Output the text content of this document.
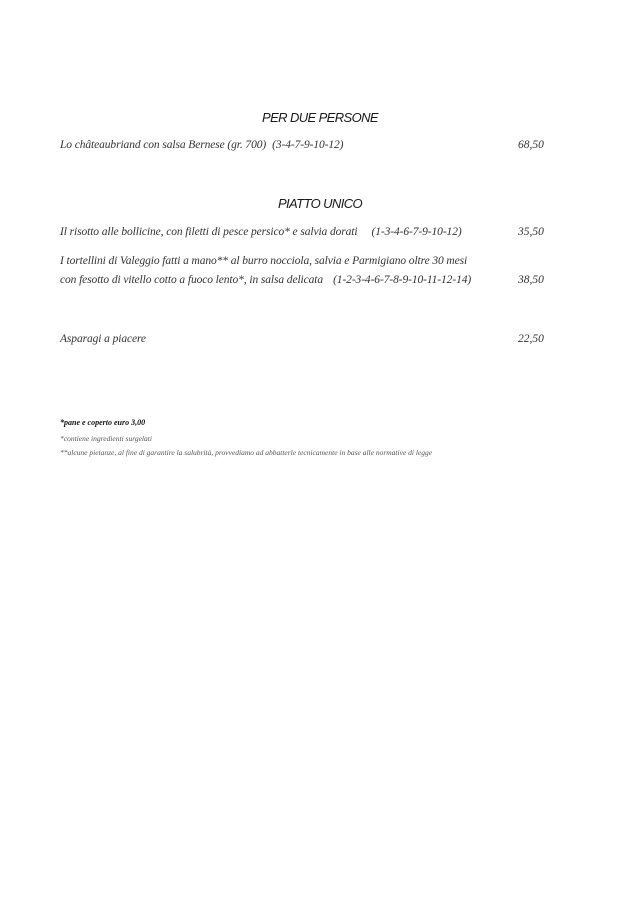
PER DUE PERSONE
Lo châteaubriand con salsa Bernese (gr. 700) (3-4-7-9-10-12)	68,50
PIATTO UNICO
Il risotto alle bollicine, con filetti di pesce persico* e salvia dorati (1-3-4-6-7-9-10-12)	35,50
I tortellini di Valeggio fatti a mano** al burro nocciola, salvia e Parmigiano oltre 30 mesi
con fesotto di vitello cotto a fuoco lento*, in salsa delicata (1-2-3-4-6-7-8-9-10-11-12-14)	38,50
Asparagi a piacere	22,50
*pane e coperto euro 3,00
*contiene ingredienti surgelati
**alcune pietanze, al fine di garantire la salubrità, provvediamo ad abbatterle tecnicamente in base alle normative di legge
